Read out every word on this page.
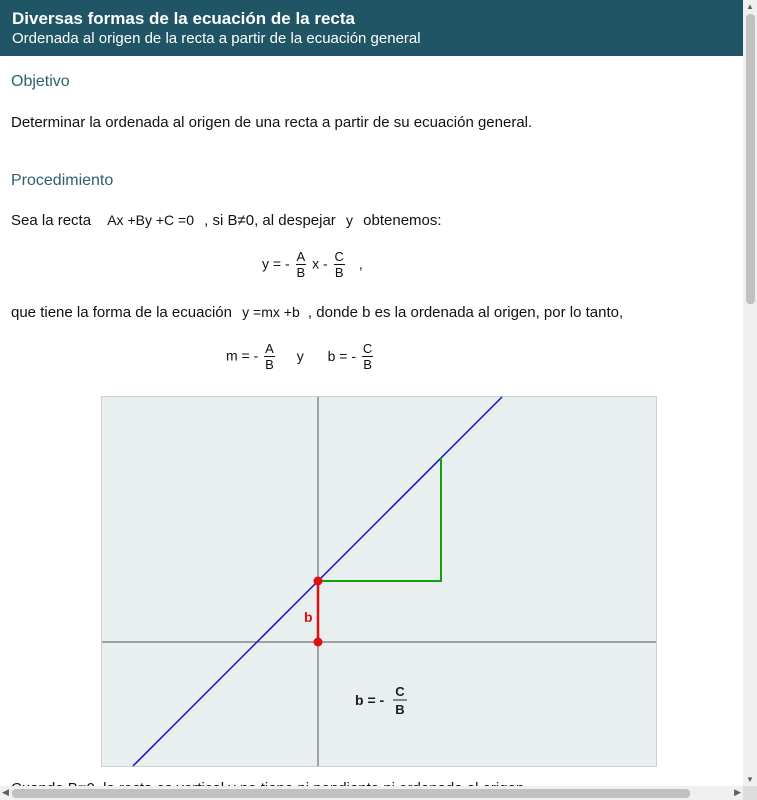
Diversas formas de la ecuación de la recta
Ordenada al origen de la recta a partir de la ecuación general
Objetivo
Determinar la ordenada al origen de una recta a partir de su ecuación general.
Procedimiento
Sea la recta Ax +By +C =0 , si B≠0, al despejar y obtenemos:
y = - $\frac{A}{B}$ x - $\frac{C}{B}$ ,
que tiene la forma de la ecuación y =mx +b , donde b es la ordenada al origen, por lo tanto,
m = - $\frac{A}{B}$ y b = - $\frac{C}{B}$
b
b = -
C
B
▲
▼
◀	▶
